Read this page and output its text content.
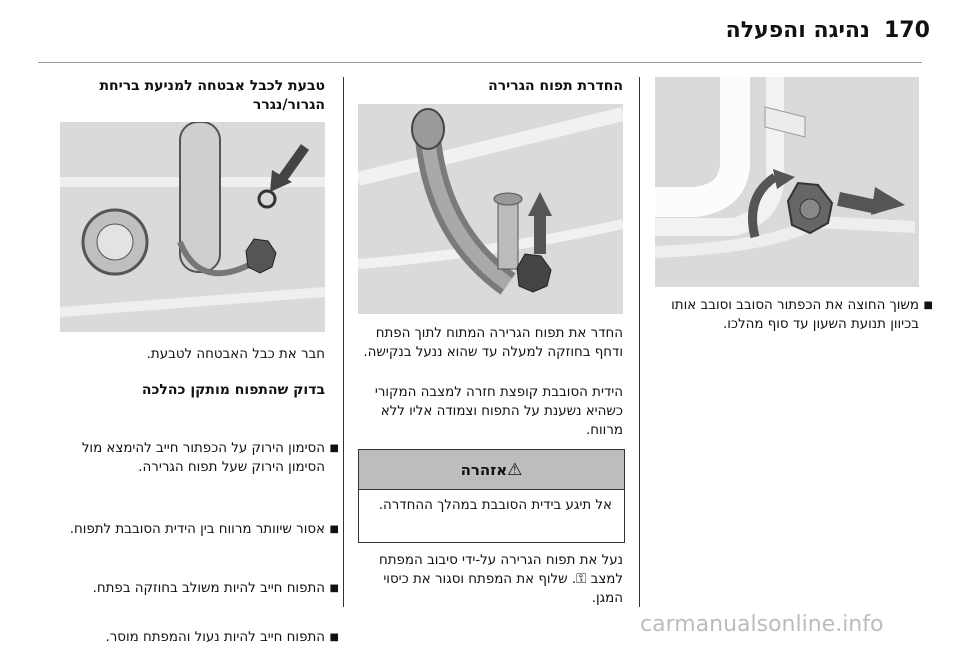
170
נהיגה והפעלה
■ משוך החוצה את הכפתור הסובב וסובב אותו בכיוון תנועת השעון עד סוף מהלכו.
החדרת תפוח הגרירה
החדר את תפוח הגרירה המתוח לתוך הפתח ודחף בחוזקה למעלה עד שהוא ננעל בנקישה.
הידית הסובבת קופצת חזרה למצבה המקורי כשהיא נשענת על התפוח וצמודה אליו ללא מרווח.
⚠
אזהרה
אל תיגע בידית הסובבת במהלך ההחדרה.
נעל את תפוח הגרירה על-ידי סיבוב המפתח למצב ⚿. שלוף את המפתח וסגור את כיסוי המגן.
טבעת לכבל אבטחה למניעת בריחת הגרור/נגרר
חבר את כבל האבטחה לטבעת.
בדוק שהתפוח מותקן כהלכה
■ הסימון הירוק על הכפתור חייב להימצא מול הסימון הירוק שעל תפוח הגרירה.
■ אסור שיוותר מרווח בין הידית הסובבת לתפוח.
■ התפוח חייב להיות משולב בחוזקה בפתח.
■ התפוח חייב להיות נעול והמפתח מוסר.
carmanualsonline.info
